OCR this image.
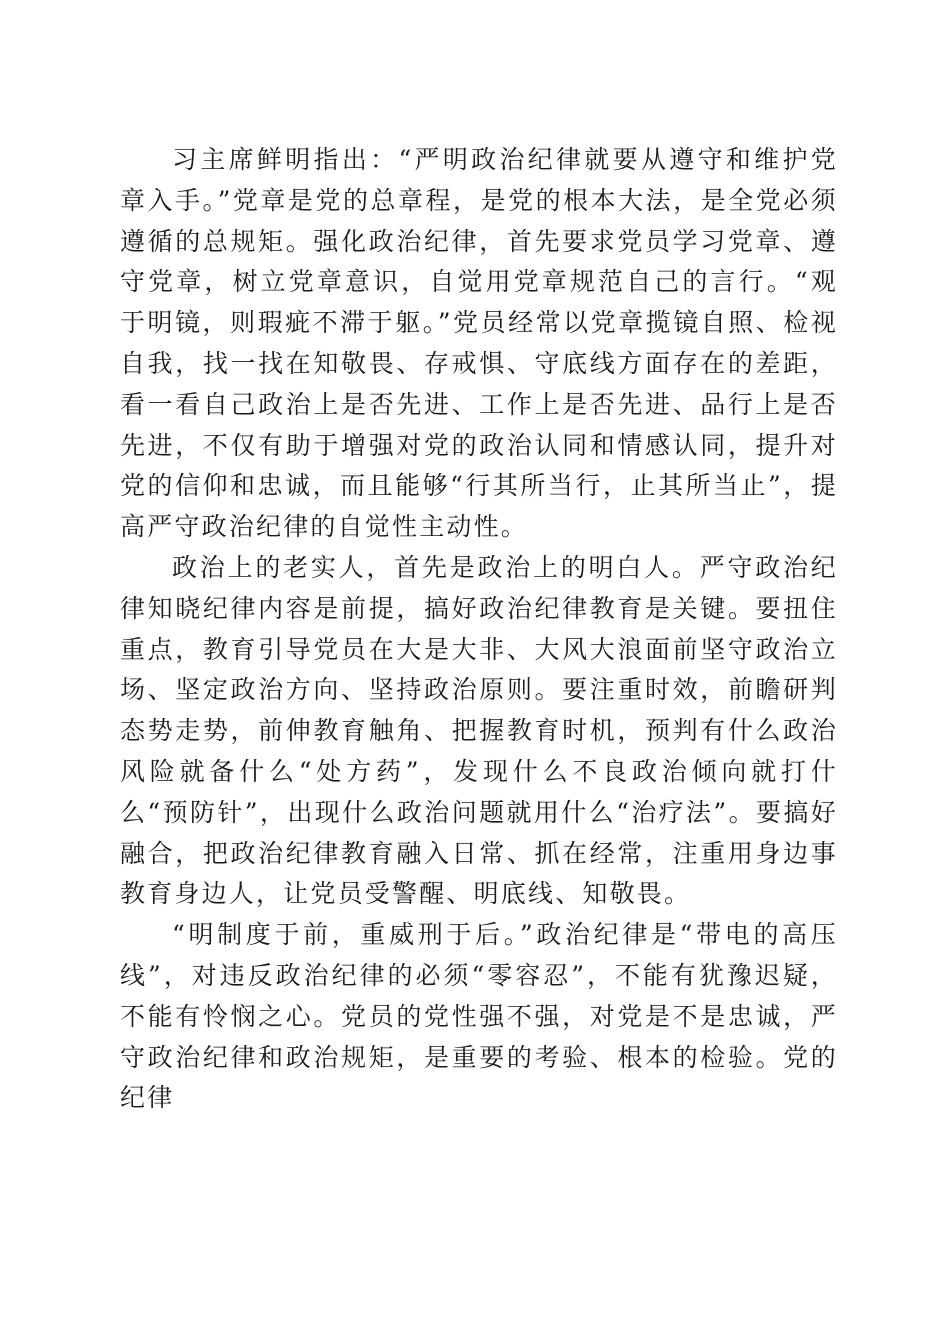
习主席鲜明指出：“严明政治纪律就要从遵守和维护党章入手。”党章是党的总章程，是党的根本大法，是全党必须遵循的总规矩。强化政治纪律，首先要求党员学习党章、遵守党章，树立党章意识，自觉用党章规范自己的言行。“观于明镜，则瑕疵不滞于躯。”党员经常以党章揽镜自照、检视自我，找一找在知敬畏、存戒惧、守底线方面存在的差距，看一看自己政治上是否先进、工作上是否先进、品行上是否先进，不仅有助于增强对党的政治认同和情感认同，提升对党的信仰和忠诚，而且能够“行其所当行，止其所当止”，提高严守政治纪律的自觉性主动性。

政治上的老实人，首先是政治上的明白人。严守政治纪律知晓纪律内容是前提，搞好政治纪律教育是关键。要扭住重点，教育引导党员在大是大非、大风大浪面前坚守政治立场、坚定政治方向、坚持政治原则。要注重时效，前瞻研判态势走势，前伸教育触角、把握教育时机，预判有什么政治风险就备什么“处方药”，发现什么不良政治倾向就打什么“预防针”，出现什么政治问题就用什么“治疗法”。要搞好融合，把政治纪律教育融入日常、抓在经常，注重用身边事教育身边人，让党员受警醒、明底线、知敬畏。

“明制度于前，重威刑于后。”政治纪律是“带电的高压线”，对违反政治纪律的必须“零容忍”，不能有犹豫迟疑，不能有怜悯之心。党员的党性强不强，对党是不是忠诚，严守政治纪律和政治规矩，是重要的考验、根本的检验。党的纪律
